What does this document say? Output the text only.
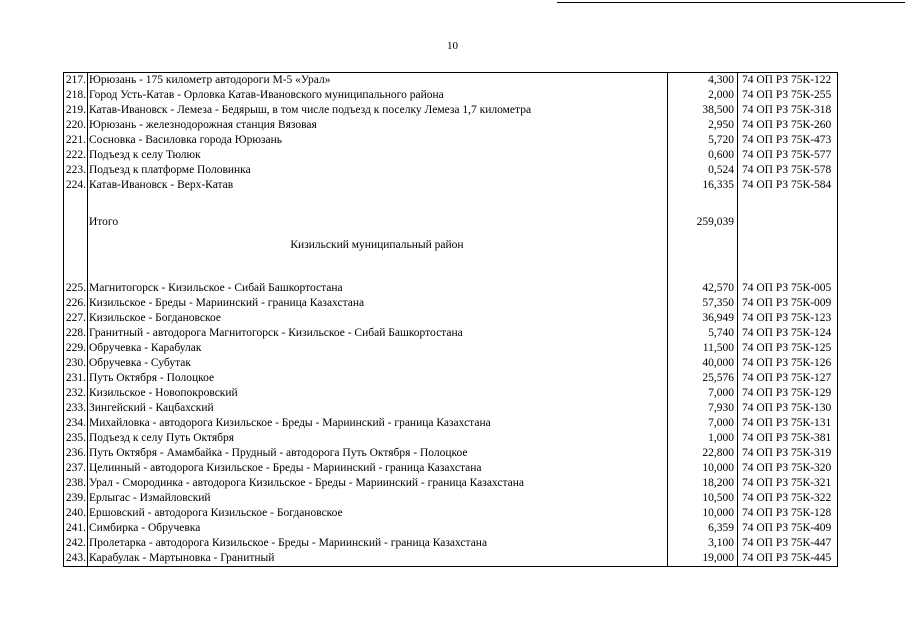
10
217.	Юрюзань - 175 километр автодороги М-5 «Урал»	4,300	74 ОП РЗ 75К-122
218.	Город Усть-Катав - Орловка Катав-Ивановского муниципального района	2,000	74 ОП РЗ 75К-255
219.	Катав-Ивановск - Лемеза - Бедярыш, в том числе подъезд к поселку Лемеза 1,7 километра	38,500	74 ОП РЗ 75К-318
220.	Юрюзань - железнодорожная станция Вязовая	2,950	74 ОП РЗ 75К-260
221.	Сосновка - Василовка города Юрюзань	5,720	74 ОП РЗ 75К-473
222.	Подъезд к селу Тюлюк	0,600	74 ОП РЗ 75К-577
223.	Подъезд к платформе Половинка	0,524	74 ОП РЗ 75К-578
224.	Катав-Ивановск - Верх-Катав	16,335	74 ОП РЗ 75К-584

	Итого	259,039	
	Кизильский муниципальный район		

225.	Магнитогорск - Кизильское - Сибай Башкортостана	42,570	74 ОП РЗ 75К-005
226.	Кизильское - Бреды - Мариинский - граница Казахстана	57,350	74 ОП РЗ 75К-009
227.	Кизильское - Богдановское	36,949	74 ОП РЗ 75К-123
228.	Гранитный - автодорога Магнитогорск - Кизильское - Сибай Башкортостана	5,740	74 ОП РЗ 75К-124
229.	Обручевка - Карабулак	11,500	74 ОП РЗ 75К-125
230.	Обручевка - Субутак	40,000	74 ОП РЗ 75К-126
231.	Путь Октября - Полоцкое	25,576	74 ОП РЗ 75К-127
232.	Кизильское - Новопокровский	7,000	74 ОП РЗ 75К-129
233.	Зингейский - Кацбахский	7,930	74 ОП РЗ 75К-130
234.	Михайловка - автодорога Кизильское - Бреды - Мариинский - граница Казахстана	7,000	74 ОП РЗ 75К-131
235.	Подъезд к селу Путь Октября	1,000	74 ОП РЗ 75К-381
236.	Путь Октября - Амамбайка - Прудный - автодорога Путь Октября - Полоцкое	22,800	74 ОП РЗ 75К-319
237.	Целинный - автодорога Кизильское - Бреды - Мариинский - граница Казахстана	10,000	74 ОП РЗ 75К-320
238.	Урал - Смородинка - автодорога Кизильское - Бреды - Мариинский - граница Казахстана	18,200	74 ОП РЗ 75К-321
239.	Ерлыгас - Измайловский	10,500	74 ОП РЗ 75К-322
240.	Ершовский - автодорога Кизильское - Богдановское	10,000	74 ОП РЗ 75К-128
241.	Симбирка - Обручевка	6,359	74 ОП РЗ 75К-409
242.	Пролетарка - автодорога Кизильское - Бреды - Мариинский - граница Казахстана	3,100	74 ОП РЗ 75К-447
243.	Карабулак - Мартыновка - Гранитный	19,000	74 ОП РЗ 75К-445
